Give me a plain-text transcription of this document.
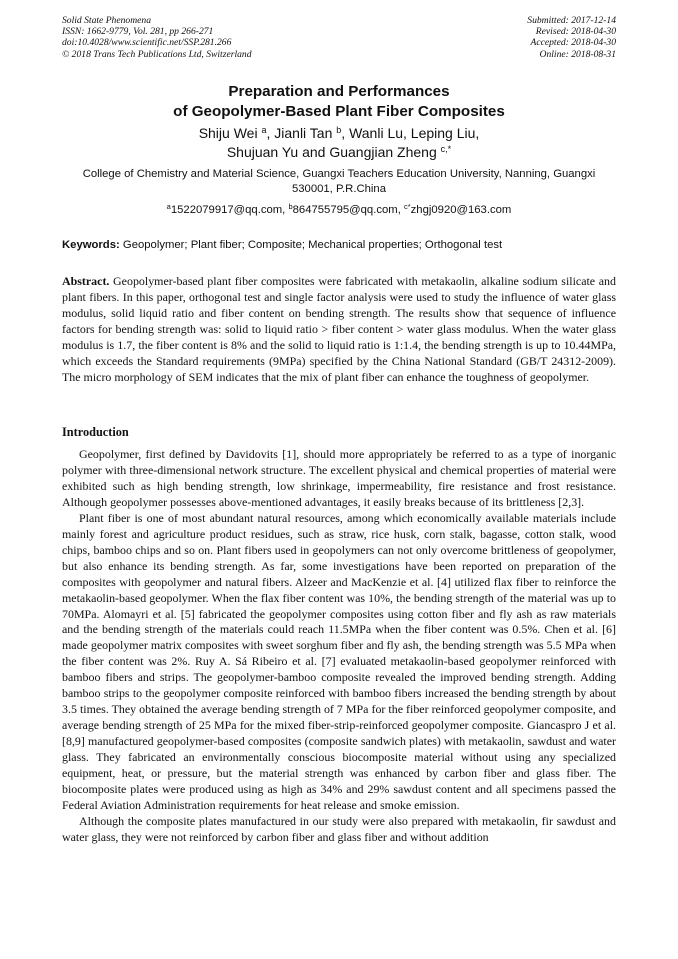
Solid State Phenomena
ISSN: 1662-9779, Vol. 281, pp 266-271
doi:10.4028/www.scientific.net/SSP.281.266
© 2018 Trans Tech Publications Ltd, Switzerland
Submitted: 2017-12-14
Revised: 2018-04-30
Accepted: 2018-04-30
Online: 2018-08-31
Preparation and Performances
of Geopolymer-Based Plant Fiber Composites
Shiju Wei $^a$, Jianli Tan $^b$, Wanli Lu, Leping Liu,
Shujuan Yu and Guangjian Zheng $^{c,*}$
College of Chemistry and Material Science, Guangxi Teachers Education University, Nanning, Guangxi 530001, P.R.China
$^a$1522079917@qq.com, $^b$864755795@qq.com, $^{c*}$zhgj0920@163.com
Keywords: Geopolymer; Plant fiber; Composite; Mechanical properties; Orthogonal test

Abstract. Geopolymer-based plant fiber composites were fabricated with metakaolin, alkaline sodium silicate and plant fibers. In this paper, orthogonal test and single factor analysis were used to study the influence of water glass modulus, solid liquid ratio and fiber content on bending strength. The results show that sequence of influence factors for bending strength was: solid to liquid ratio > fiber content > water glass modulus. When the water glass modulus is 1.7, the fiber content is 8% and the solid to liquid ratio is 1:1.4, the bending strength is up to 10.44MPa, which exceeds the Standard requirements (9MPa) specified by the China National Standard (GB/T 24312-2009). The micro morphology of SEM indicates that the mix of plant fiber can enhance the toughness of geopolymer.

Introduction

Geopolymer, first defined by Davidovits [1], should more appropriately be referred to as a type of inorganic polymer with three-dimensional network structure. The excellent physical and chemical properties of material were exhibited such as high bending strength, low shrinkage, impermeability, fire resistance and frost resistance. Although geopolymer possesses above-mentioned advantages, it easily breaks because of its brittleness [2,3].

Plant fiber is one of most abundant natural resources, among which economically available materials include mainly forest and agriculture product residues, such as straw, rice husk, corn stalk, bagasse, cotton stalk, wood chips, bamboo chips and so on. Plant fibers used in geopolymers can not only overcome brittleness of geopolymer, but also enhance its bending strength. As far, some investigations have been reported on preparation of the composites with geopolymer and natural fibers. Alzeer and MacKenzie et al. [4] utilized flax fiber to reinforce the metakaolin-based geopolymer. When the flax fiber content was 10%, the bending strength of the material was up to 70MPa. Alomayri et al. [5] fabricated the geopolymer composites using cotton fiber and fly ash as raw materials and the bending strength of the materials could reach 11.5MPa when the fiber content was 0.5%. Chen et al. [6] made geopolymer matrix composites with sweet sorghum fiber and fly ash, the bending strength was 5.5 MPa when the fiber content was 2%. Ruy A. Sá Ribeiro et al. [7] evaluated metakaolin-based geopolymer reinforced with bamboo fibers and strips. The geopolymer-bamboo composite revealed the improved bending strength. Adding bamboo strips to the geopolymer composite reinforced with bamboo fibers increased the bending strength by about 3.5 times. They obtained the average bending strength of 7 MPa for the fiber reinforced geopolymer composite, and average bending strength of 25 MPa for the mixed fiber-strip-reinforced geopolymer composite. Giancaspro J et al. [8,9] manufactured geopolymer-based composites (composite sandwich plates) with metakaolin, sawdust and water glass. They fabricated an environmentally conscious biocomposite material without using any specialized equipment, heat, or pressure, but the material strength was enhanced by carbon fiber and glass fiber. The biocomposite plates were produced using as high as 34% and 29% sawdust content and all specimens passed the Federal Aviation Administration requirements for heat release and smoke emission.

Although the composite plates manufactured in our study were also prepared with metakaolin, fir sawdust and water glass, they were not reinforced by carbon fiber and glass fiber and without addition
